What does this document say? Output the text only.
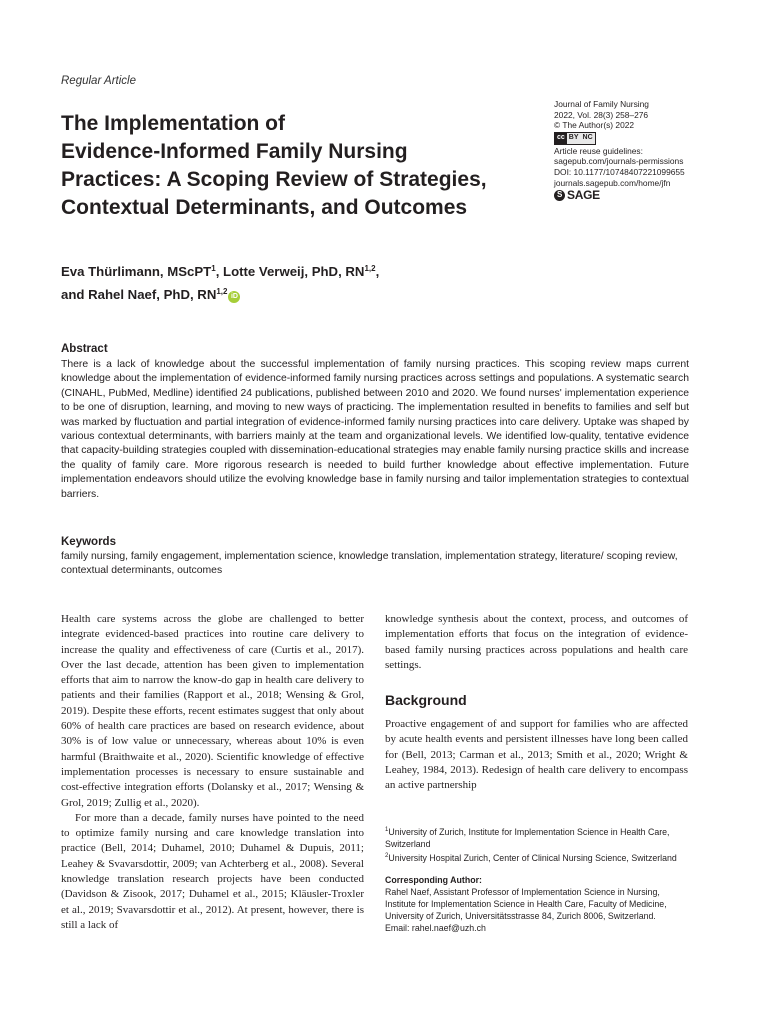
Regular Article
The Implementation of
Evidence-Informed Family Nursing
Practices: A Scoping Review of Strategies,
Contextual Determinants, and Outcomes
Journal of Family Nursing
2022, Vol. 28(3) 258–276
© The Author(s) 2022
cc BY NC
Article reuse guidelines:
sagepub.com/journals-permissions
DOI: 10.1177/10748407221099655
journals.sagepub.com/home/jfn
S SAGE
Eva Thürlimann, MScPT$^1$, Lotte Verweij, PhD, RN$^{1,2}$,
and Rahel Naef, PhD, RN$^{1,2}$iD
Abstract
There is a lack of knowledge about the successful implementation of family nursing practices. This scoping review maps current knowledge about the implementation of evidence-informed family nursing practices across settings and populations. A systematic search (CINAHL, PubMed, Medline) identified 24 publications, published between 2010 and 2020. We found nurses' implementation experience to be one of disruption, learning, and moving to new ways of practicing. The implementation resulted in benefits to families and self but was marked by fluctuation and partial integration of evidence-informed family nursing practices into care delivery. Uptake was shaped by various contextual determinants, with barriers mainly at the team and organizational levels. We identified low-quality, tentative evidence that capacity-building strategies coupled with dissemination-educational strategies may enable family nursing practice skills and increase the quality of family care. More rigorous research is needed to build further knowledge about effective implementation. Future implementation endeavors should utilize the evolving knowledge base in family nursing and tailor implementation strategies to contextual barriers.
Keywords
family nursing, family engagement, implementation science, knowledge translation, implementation strategy, literature/ scoping review, contextual determinants, outcomes

Health care systems across the globe are challenged to better integrate evidenced-based practices into routine care delivery to increase the quality and effectiveness of care (Curtis et al., 2017). Over the last decade, attention has been given to implementation efforts that aim to narrow the know-do gap in health care delivery to patients and their families (Rapport et al., 2018; Wensing & Grol, 2019). Despite these efforts, recent estimates suggest that only about 60% of health care practices are based on research evidence, about 30% is of low value or unnecessary, whereas about 10% is even harmful (Braithwaite et al., 2020). Scientific knowledge of effective implementation processes is necessary to ensure sustainable and cost-effective integration efforts (Dolansky et al., 2017; Wensing & Grol, 2019; Zullig et al., 2020).

For more than a decade, family nurses have pointed to the need to optimize family nursing and care knowledge translation into practice (Bell, 2014; Duhamel, 2010; Duhamel & Dupuis, 2011; Leahey & Svavarsdottir, 2009; van Achterberg et al., 2008). Several knowledge translation research projects have been conducted (Davidson & Zisook, 2017; Duhamel et al., 2015; Kläusler-Troxler et al., 2019; Svavarsdottir et al., 2012). At present, however, there is still a lack of

knowledge synthesis about the context, process, and outcomes of implementation efforts that focus on the integration of evidence-based family nursing practices across populations and health care settings.

Background
Proactive engagement of and support for families who are affected by acute health events and persistent illnesses have long been called for (Bell, 2013; Carman et al., 2013; Smith et al., 2020; Wright & Leahey, 1984, 2013). Redesign of health care delivery to encompass an active partnership

$^1$University of Zurich, Institute for Implementation Science in Health Care, Switzerland

$^2$University Hospital Zurich, Center of Clinical Nursing Science, Switzerland

Corresponding Author:

Rahel Naef, Assistant Professor of Implementation Science in Nursing, Institute for Implementation Science in Health Care, Faculty of Medicine, University of Zurich, Universitätsstrasse 84, Zurich 8006, Switzerland.

Email: rahel.naef@uzh.ch
